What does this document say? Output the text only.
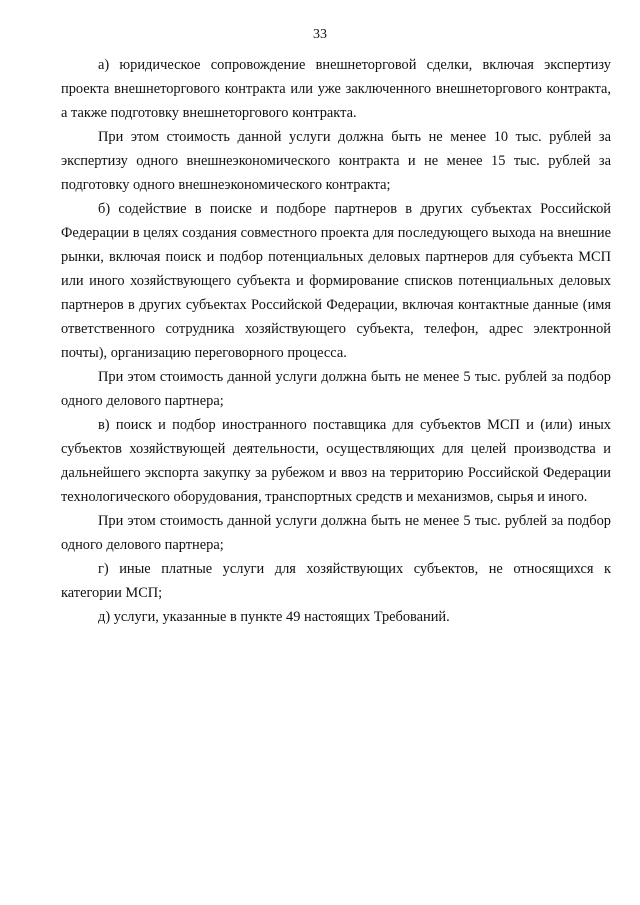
33

а) юридическое сопровождение внешнеторговой сделки, включая экспертизу проекта внешнеторгового контракта или уже заключенного внешнеторгового контракта, а также подготовку внешнеторгового контракта.

При этом стоимость данной услуги должна быть не менее 10 тыс. рублей за экспертизу одного внешнеэкономического контракта и не менее 15 тыс. рублей за подготовку одного внешнеэкономического контракта;

б) содействие в поиске и подборе партнеров в других субъектах Российской Федерации в целях создания совместного проекта для последующего выхода на внешние рынки, включая поиск и подбор потенциальных деловых партнеров для субъекта МСП или иного хозяйствующего субъекта и формирование списков потенциальных деловых партнеров в других субъектах Российской Федерации, включая контактные данные (имя ответственного сотрудника хозяйствующего субъекта, телефон, адрес электронной почты), организацию переговорного процесса.

При этом стоимость данной услуги должна быть не менее 5 тыс. рублей за подбор одного делового партнера;

в) поиск и подбор иностранного поставщика для субъектов МСП и (или) иных субъектов хозяйствующей деятельности, осуществляющих для целей производства и дальнейшего экспорта закупку за рубежом и ввоз на территорию Российской Федерации технологического оборудования, транспортных средств и механизмов, сырья и иного.

При этом стоимость данной услуги должна быть не менее 5 тыс. рублей за подбор одного делового партнера;

г) иные платные услуги для хозяйствующих субъектов, не относящихся к категории МСП;

д) услуги, указанные в пункте 49 настоящих Требований.
